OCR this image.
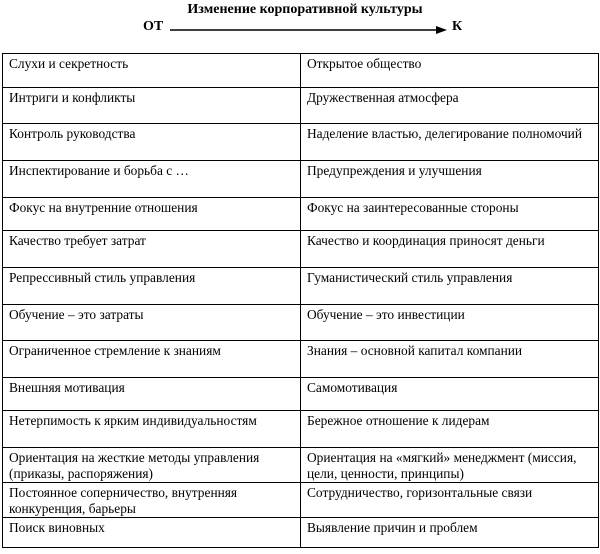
Изменение корпоративной культуры
ОТ	К
Слухи и секретность	Открытое общество
Интриги и конфликты	Дружественная атмосфера
Контроль руководства	Наделение властью, делегирование полномочий
Инспектирование и борьба с …	Предупреждения и улучшения
Фокус на внутренние отношения	Фокус на заинтересованные стороны
Качество требует затрат	Качество и координация приносят деньги
Репрессивный стиль управления	Гуманистический стиль управления
Обучение – это затраты	Обучение – это инвестиции
Ограниченное стремление к знаниям	Знания – основной капитал компании
Внешняя мотивация	Самомотивация
Нетерпимость к ярким индивидуальностям	Бережное отношение к лидерам
Ориентация на жесткие методы управления (приказы, распоряжения)	Ориентация на «мягкий» менеджмент (миссия, цели, ценности, принципы)
Постоянное соперничество, внутренняя конкуренция, барьеры	Сотрудничество, горизонтальные связи
Поиск виновных	Выявление причин и проблем
